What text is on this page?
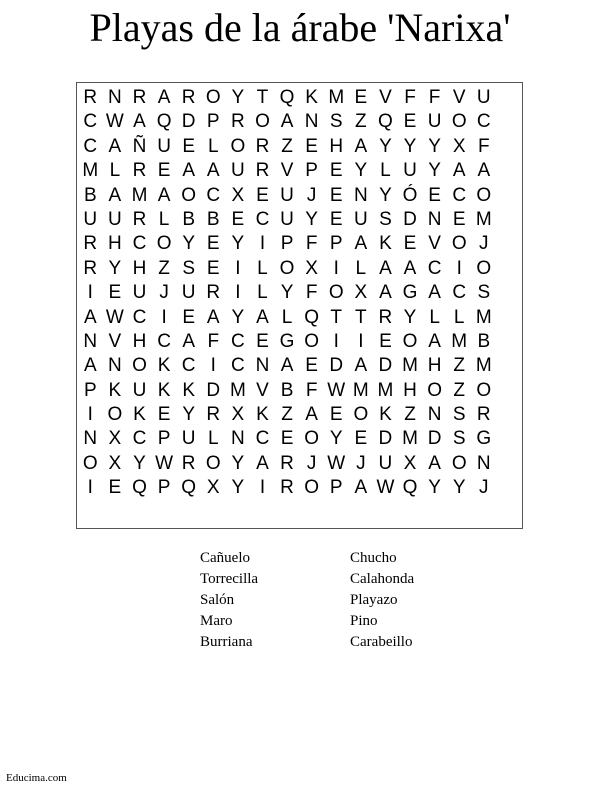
Playas de la árabe 'Narixa'
R N R A R O Y T Q K M E V F F V U
C W A Q D P R O A N S Z Q E U O C
C A Ñ U E L O R Z E H A Y Y Y X F
M L R E A A U R V P E Y L U Y A A
B A M A O C X E U J E N Y Ó E C O
U U R L B B E C U Y E U S D N E M
R H C O Y E Y I P F P A K E V O J
R Y H Z S E I L O X I L A A C I O
I E U J U R I L Y F O X A G A C S
A W C I E A Y A L Q T T R Y L L M
N V H C A F C E G O I	I E O A M B
A N O K C I C N A E D A D M H Z M
P K U K K D M V B F W M M H O Z O
I O K E Y R X K Z A E O K Z N S R
N X C P U L N C E O Y E D M D S G
O X Y W R O Y A R J W J U X A O N
I E Q P Q X Y I R O P A W Q Y Y J
Cañuelo
Torrecilla
Salón
Maro
Burriana
Chucho
Calahonda
Playazo
Pino
Carabeillo
Educima.com
